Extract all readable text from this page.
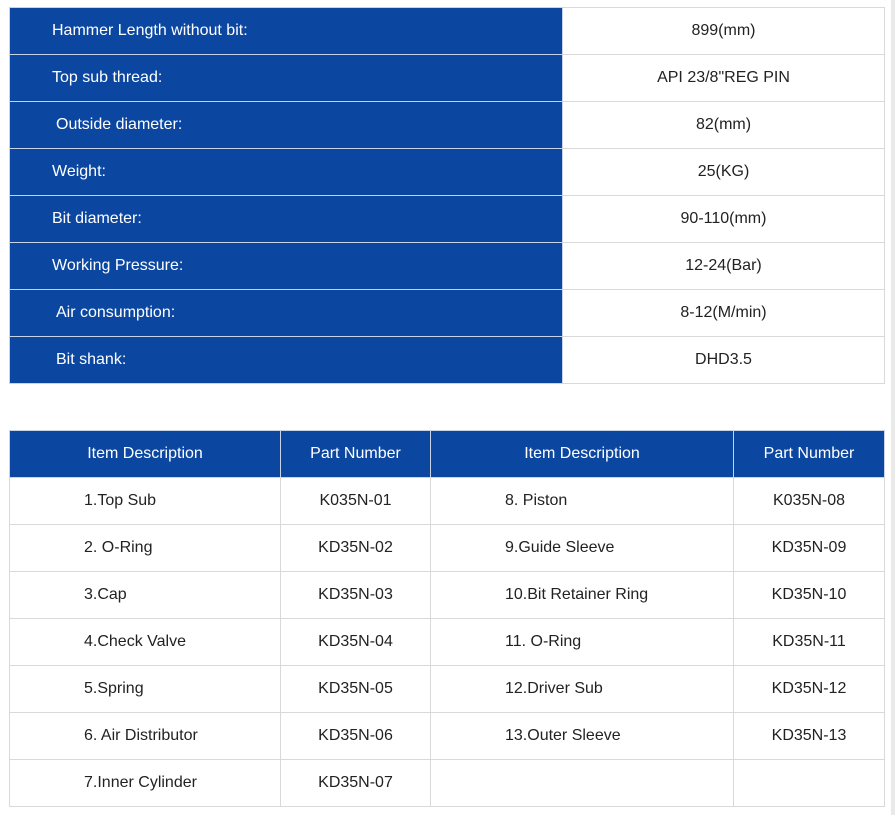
Hammer Length without bit:	899(mm)
Top sub thread:	API 23/8"REG PIN
Outside diameter:	82(mm)
Weight:	25(KG)
Bit diameter:	90-110(mm)
Working Pressure:	12-24(Bar)
Air consumption:	8-12(M/min)
Bit shank:	DHD3.5
Item Description	Part Number	Item Description	Part Number
1.Top Sub	K035N-01	8. Piston	K035N-08
2. O-Ring	KD35N-02	9.Guide Sleeve	KD35N-09
3.Cap	KD35N-03	10.Bit Retainer Ring	KD35N-10
4.Check Valve	KD35N-04	11. O-Ring	KD35N-11
5.Spring	KD35N-05	12.Driver Sub	KD35N-12
6. Air Distributor	KD35N-06	13.Outer Sleeve	KD35N-13
7.Inner Cylinder	KD35N-07		
